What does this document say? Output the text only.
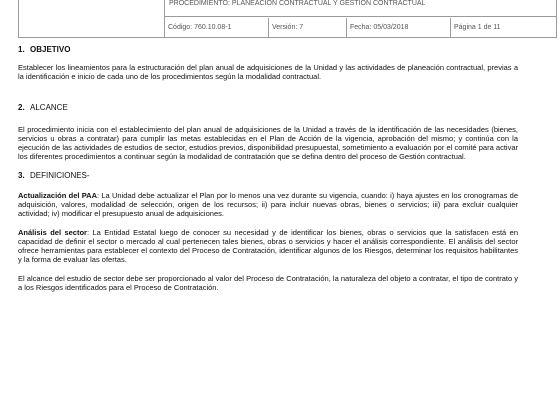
PROCEDIMIENTO: PLANEACIÓN CONTRACTUAL Y GESTIÓN CONTRACTUAL
Código: 760.10.08-1	Versión: 7	Fecha: 05/03/2018	Página 1 de 11
1. OBJETIVO

Establecer los lineamientos para la estructuración del plan anual de adquisiciones de la Unidad y las actividades de planeación contractual, previas a la identificación e inicio de cada uno de los procedimientos según la modalidad contractual.

2. ALCANCE

El procedimiento inicia con el establecimiento del plan anual de adquisiciones de la Unidad a través de la identificación de las necesidades (bienes, servicios u obras a contratar) para cumplir las metas establecidas en el Plan de Acción de la vigencia, aprobación del mismo; y continúa con la ejecución de las actividades de estudios de sector, estudios previos, disponibilidad presupuestal, sometimiento a evaluación por el comité para activar los diferentes procedimientos a continuar según la modalidad de contratación que se defina dentro del proceso de Gestión contractual.

3. DEFINICIONES-

Actualización del PAA: La Unidad debe actualizar el Plan por lo menos una vez durante su vigencia, cuando: i) haya ajustes en los cronogramas de adquisición, valores, modalidad de selección, origen de los recursos; ii) para incluir nuevas obras, bienes o servicios; iii) para excluir cualquier actividad; iv) modificar el presupuesto anual de adquisiciones.

Análisis del sector: La Entidad Estatal luego de conocer su necesidad y de identificar los bienes, obras o servicios que la satisfacen está en capacidad de definir el sector o mercado al cual pertenecen tales bienes, obras o servicios y hacer el análisis correspondiente. El análisis del sector ofrece herramientas para establecer el contexto del Proceso de Contratación, identificar algunos de los Riesgos, determinar los requisitos habilitantes y la forma de evaluar las ofertas.

El alcance del estudio de sector debe ser proporcionado al valor del Proceso de Contratación, la naturaleza del objeto a contratar, el tipo de contrato y a los Riesgos identificados para el Proceso de Contratación.
